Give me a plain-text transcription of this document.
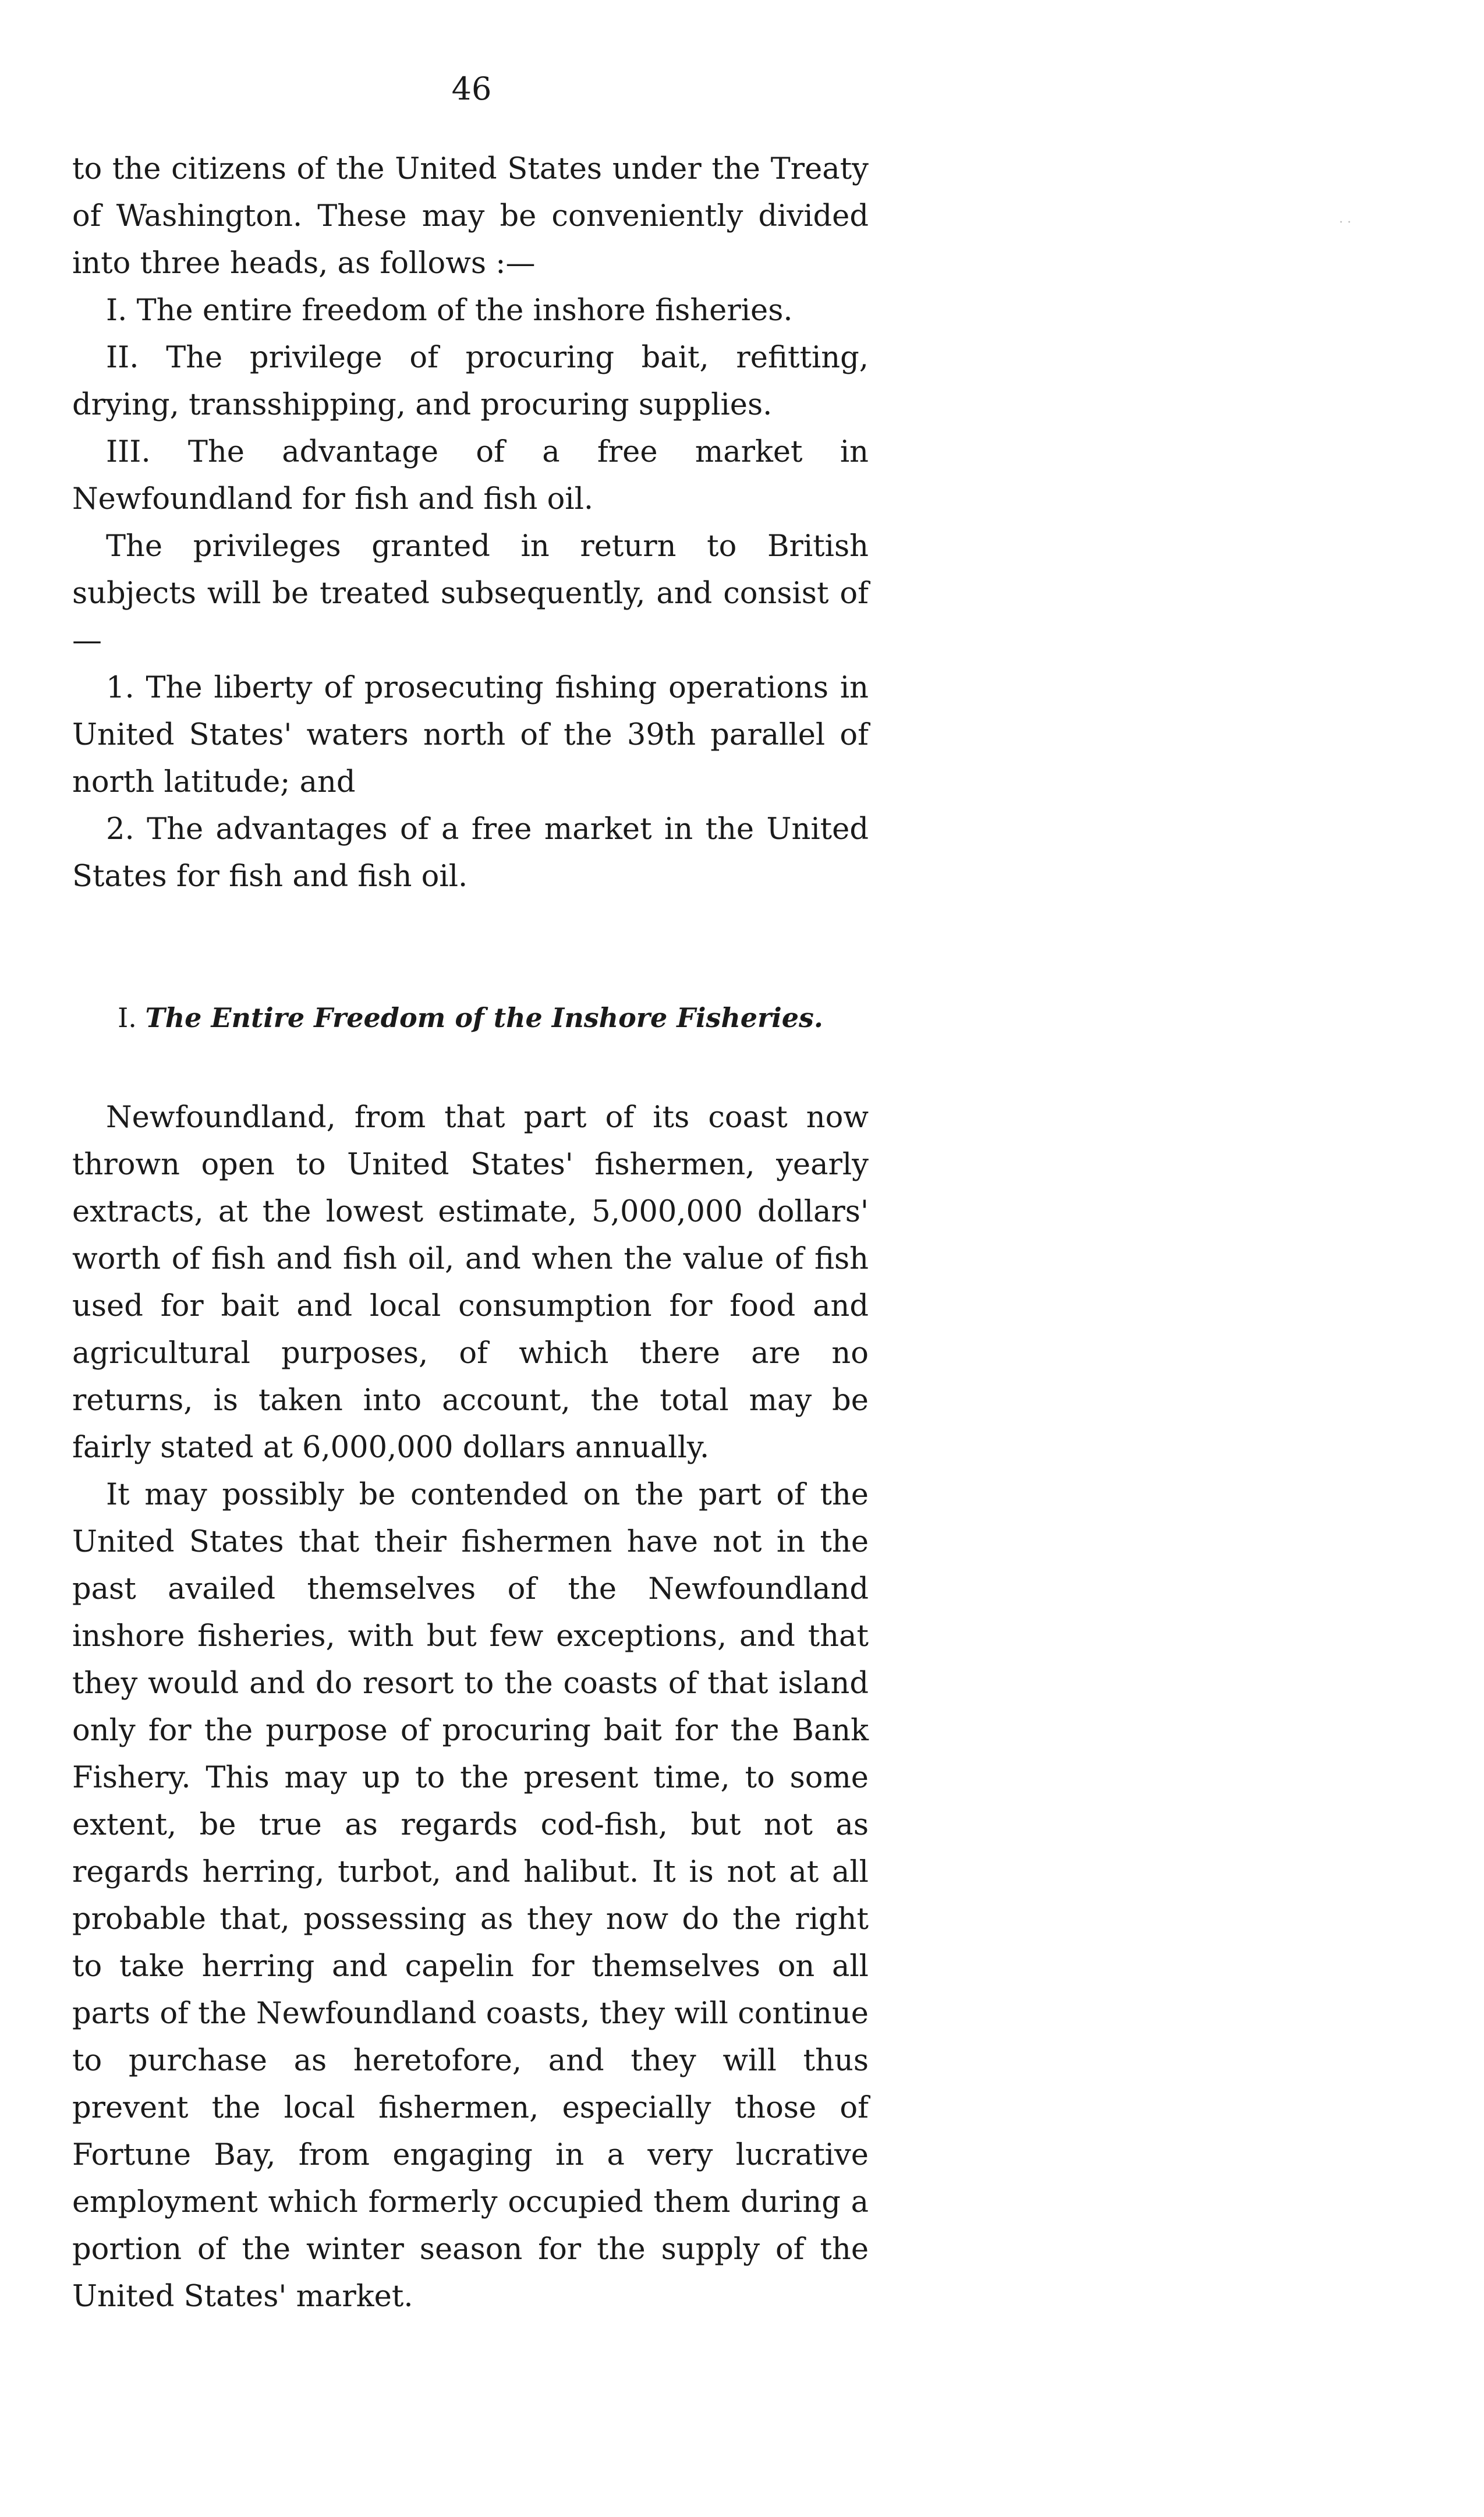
46

to the citizens of the United States under the Treaty of Washington. These may be conveniently divided into three heads, as follows :—

I. The entire freedom of the inshore fisheries.

II. The privilege of procuring bait, refitting, drying, transshipping, and procuring supplies.

III. The advantage of a free market in Newfoundland for fish and fish oil.

The privileges granted in return to British subjects will be treated subsequently, and consist of—

1. The liberty of prosecuting fishing operations in United States' waters north of the 39th parallel of north latitude; and

2. The advantages of a free market in the United States for fish and fish oil.

I. The Entire Freedom of the Inshore Fisheries.

Newfoundland, from that part of its coast now thrown open to United States' fishermen, yearly extracts, at the lowest estimate, 5,000,000 dollars' worth of fish and fish oil, and when the value of fish used for bait and local consumption for food and agricultural purposes, of which there are no returns, is taken into account, the total may be fairly stated at 6,000,000 dollars annually.

It may possibly be contended on the part of the United States that their fishermen have not in the past availed themselves of the Newfoundland inshore fisheries, with but few exceptions, and that they would and do resort to the coasts of that island only for the purpose of procuring bait for the Bank Fishery. This may up to the present time, to some extent, be true as regards cod-fish, but not as regards herring, turbot, and halibut. It is not at all probable that, possessing as they now do the right to take herring and capelin for themselves on all parts of the Newfoundland coasts, they will continue to purchase as heretofore, and they will thus prevent the local fishermen, especially those of Fortune Bay, from engaging in a very lucrative employment which formerly occupied them during a portion of the winter season for the supply of the United States' market.

· ·
